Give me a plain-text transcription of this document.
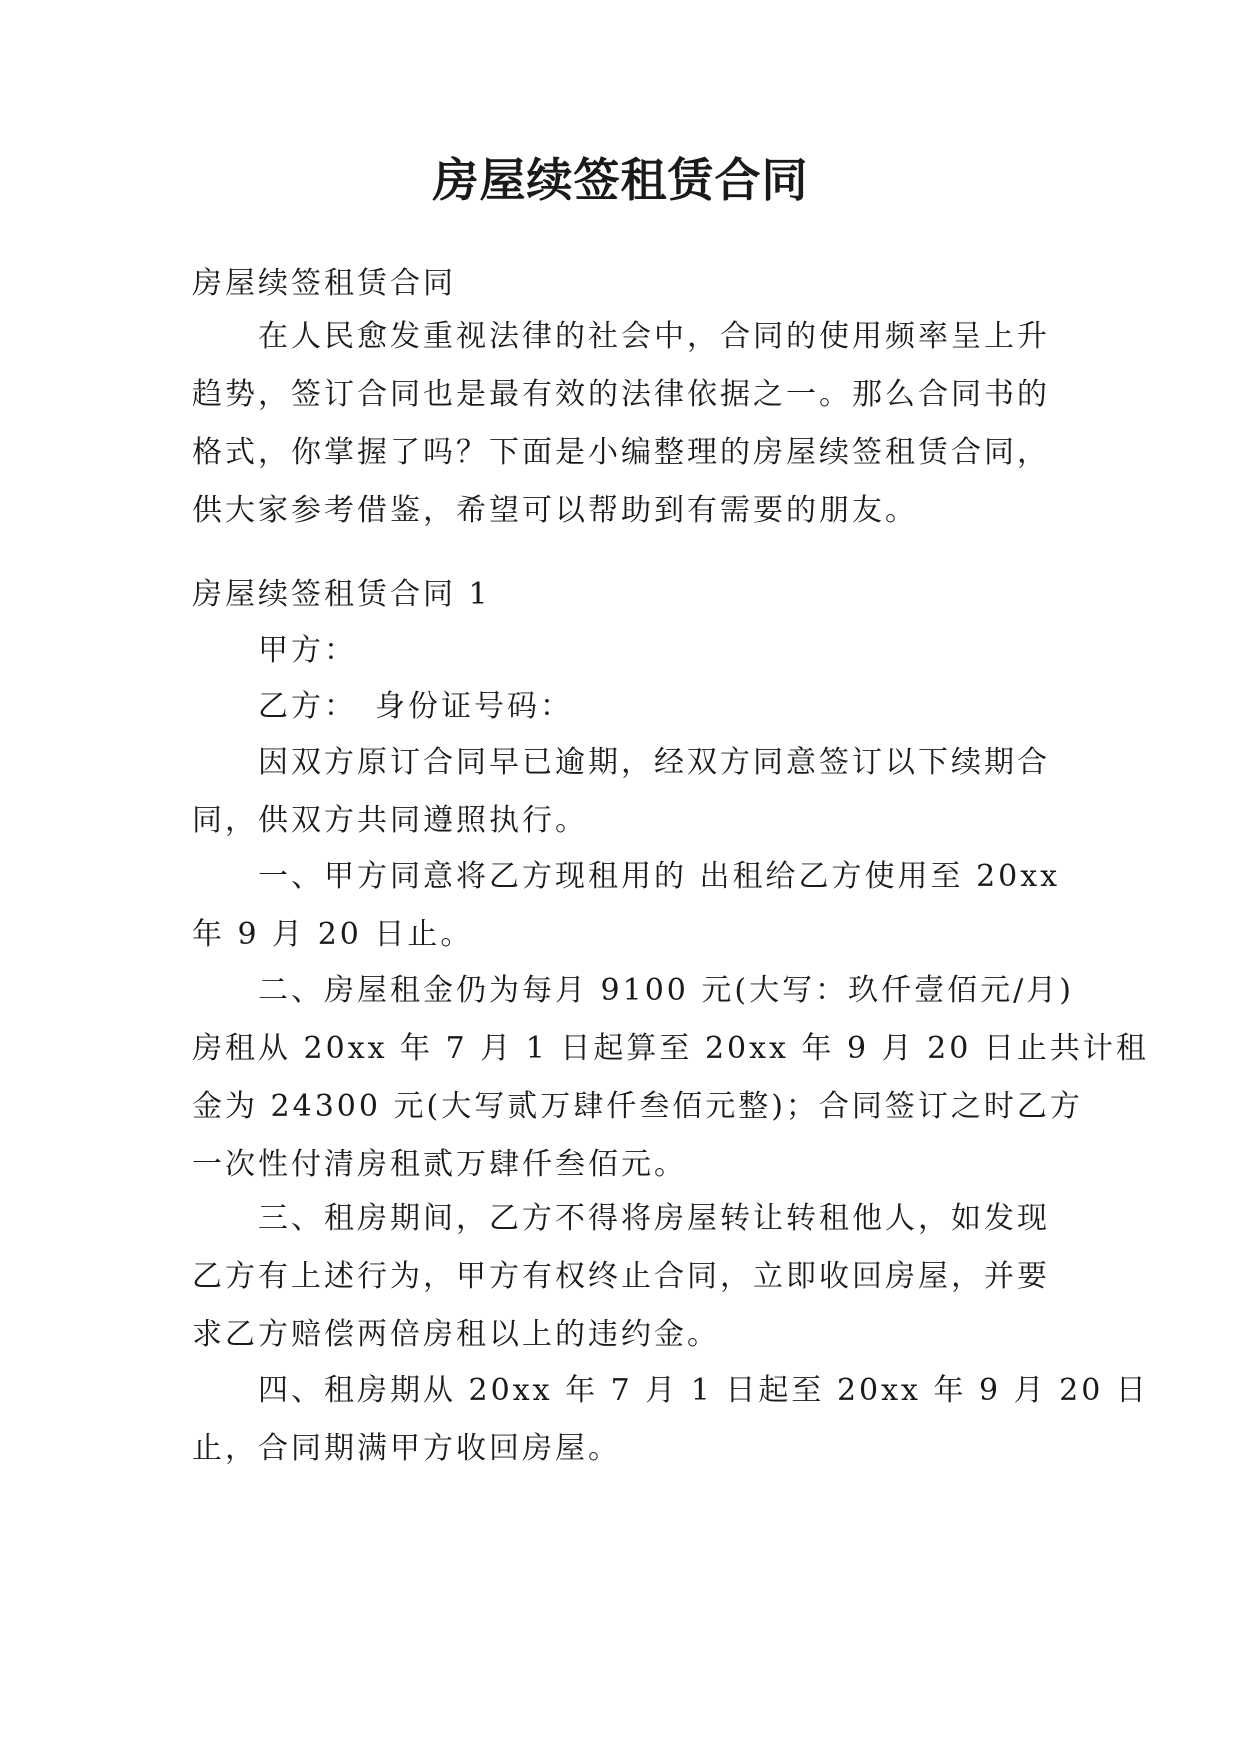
房屋续签租赁合同
房屋续签租赁合同
在人民愈发重视法律的社会中，合同的使用频率呈上升
趋势，签订合同也是最有效的法律依据之一。那么合同书的
格式，你掌握了吗？下面是小编整理的房屋续签租赁合同，
供大家参考借鉴，希望可以帮助到有需要的朋友。
房屋续签租赁合同 1
甲方：
乙方：　身份证号码：
因双方原订合同早已逾期，经双方同意签订以下续期合
同，供双方共同遵照执行。
一、甲方同意将乙方现租用的 出租给乙方使用至 20xx
年 9 月 20 日止。
二、房屋租金仍为每月 9100 元(大写：玖仟壹佰元/月)
房租从 20xx 年 7 月 1 日起算至 20xx 年 9 月 20 日止共计租
金为 24300 元(大写贰万肆仟叁佰元整)；合同签订之时乙方
一次性付清房租贰万肆仟叁佰元。
三、租房期间，乙方不得将房屋转让转租他人，如发现
乙方有上述行为，甲方有权终止合同，立即收回房屋，并要
求乙方赔偿两倍房租以上的违约金。
四、租房期从 20xx 年 7 月 1 日起至 20xx 年 9 月 20 日
止，合同期满甲方收回房屋。
